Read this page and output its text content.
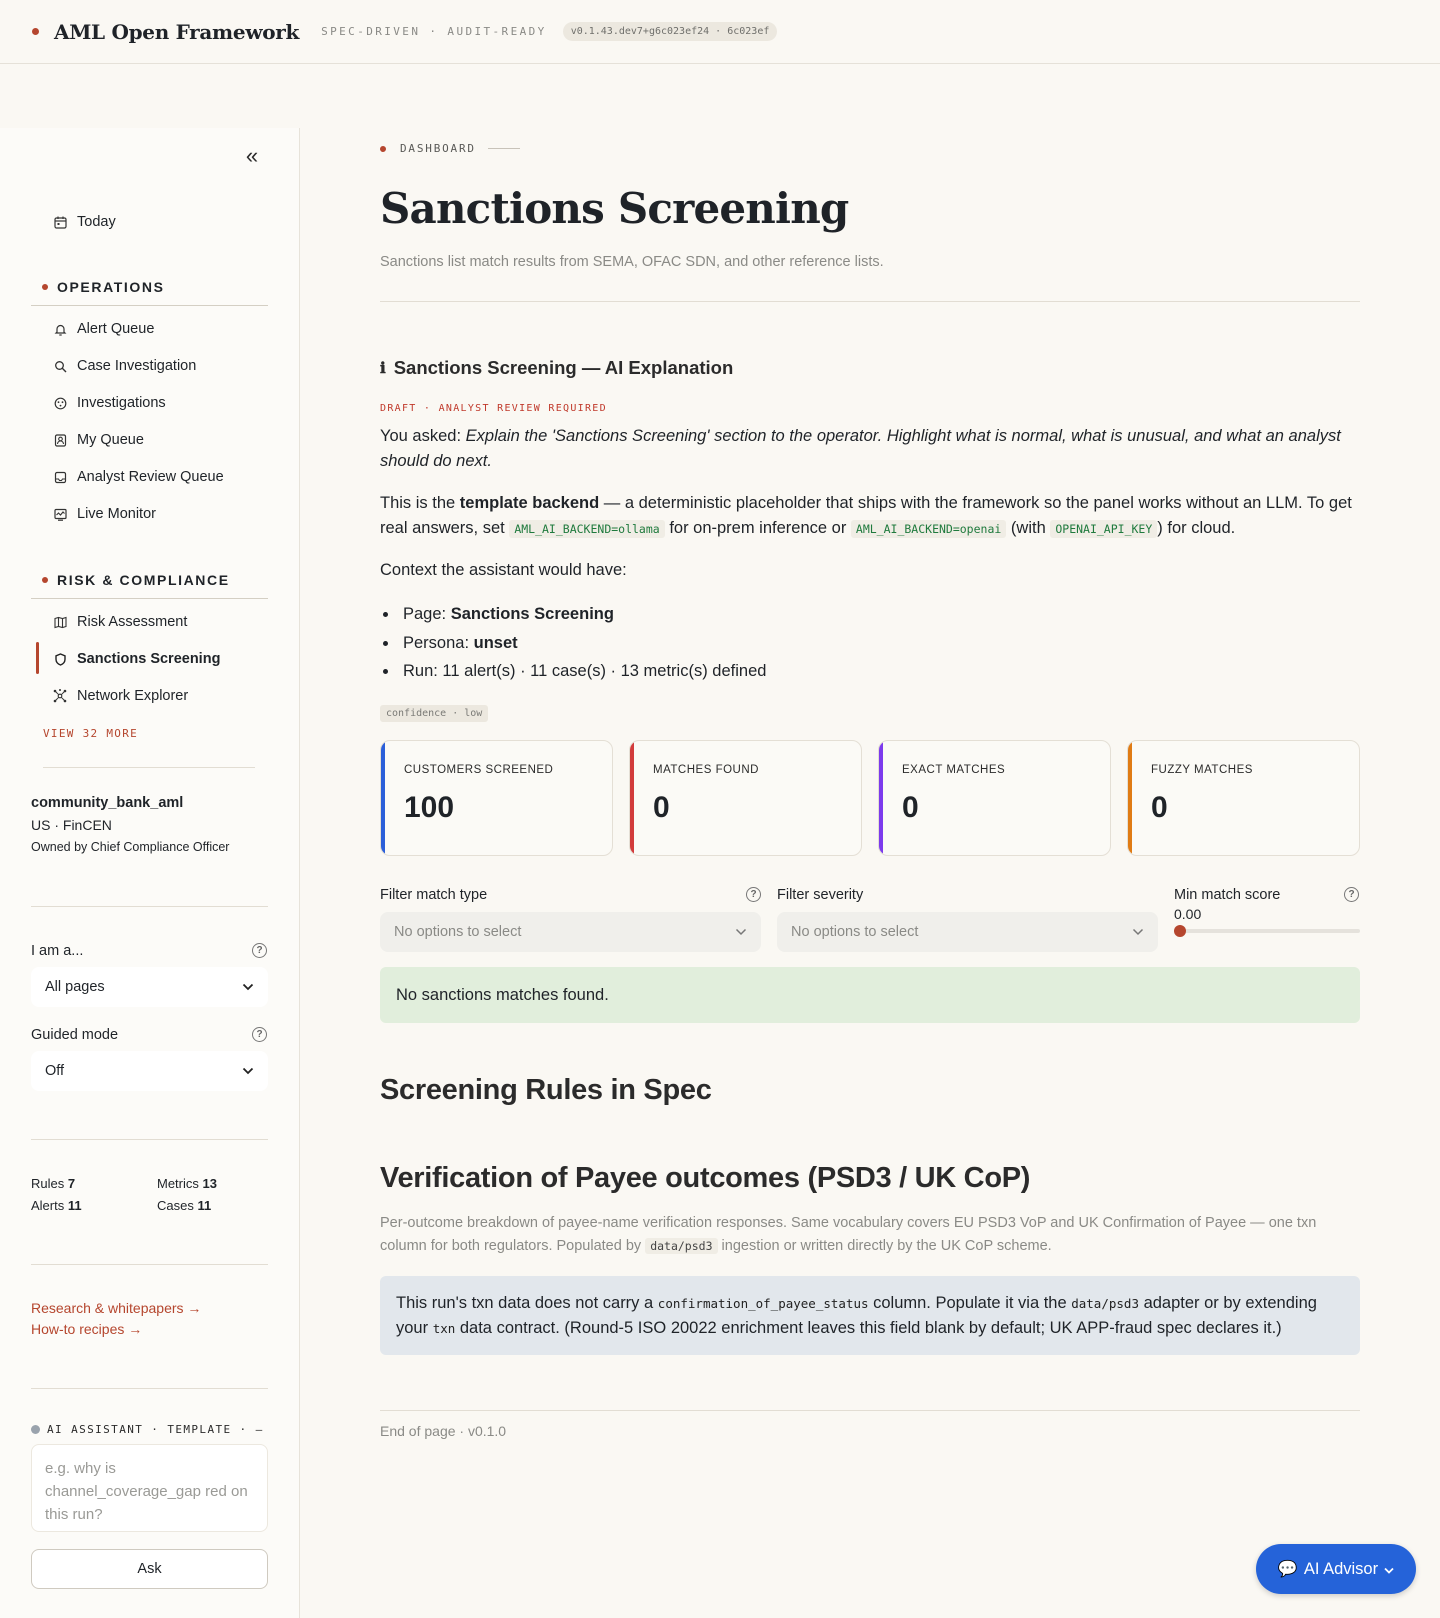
AML Open Framework SPEC-DRIVEN · AUDIT-READY	v0.1.43.dev7+g6c023ef24 · 6c023ef
«
Today
OPERATIONS
Alert Queue
Case Investigation
Investigations
My Queue
Analyst Review Queue
Live Monitor
RISK & COMPLIANCE
Risk Assessment
Sanctions Screening
Network Explorer
VIEW 32 MORE
community_bank_aml
US · FinCEN
Owned by Chief Compliance Officer
I am a...	?
All pages
Guided mode	?
Off
Rules 7	Metrics 13
Alerts 11	Cases 11
Research & whitepapers →
How-to recipes →
AI ASSISTANT · TEMPLATE · —
e.g. why is channel_coverage_gap red on this run?
Ask
DASHBOARD
Sanctions Screening
Sanctions list match results from SEMA, OFAC SDN, and other reference lists.
ℹ Sanctions Screening — AI Explanation
DRAFT · ANALYST REVIEW REQUIRED
You asked: Explain the 'Sanctions Screening' section to the operator. Highlight what is normal, what is unusual, and what an analyst should do next.
This is the template backend — a deterministic placeholder that ships with the framework so the panel works without an LLM. To get real answers, set AML_AI_BACKEND=ollama for on-prem inference or AML_AI_BACKEND=openai (with OPENAI_API_KEY ) for cloud.
Context the assistant would have:
Page: Sanctions Screening
Persona: unset
Run: 11 alert(s) · 11 case(s) · 13 metric(s) defined
confidence · low
CUSTOMERS SCREENED
100
MATCHES FOUND
0
EXACT MATCHES
0
FUZZY MATCHES
0
Filter match type	?
No options to select
Filter severity
No options to select
Min match score	?
0.00
No sanctions matches found.
Screening Rules in Spec
Verification of Payee outcomes (PSD3 / UK CoP)
Per-outcome breakdown of payee-name verification responses. Same vocabulary covers EU PSD3 VoP and UK Confirmation of Payee — one txn column for both regulators. Populated by data/psd3 ingestion or written directly by the UK CoP scheme.
This run's txn data does not carry a confirmation_of_payee_status column. Populate it via the data/psd3 adapter or by extending your txn data contract. (Round-5 ISO 20022 enrichment leaves this field blank by default; UK APP-fraud spec declares it.)
End of page · v0.1.0
💬 AI Advisor
